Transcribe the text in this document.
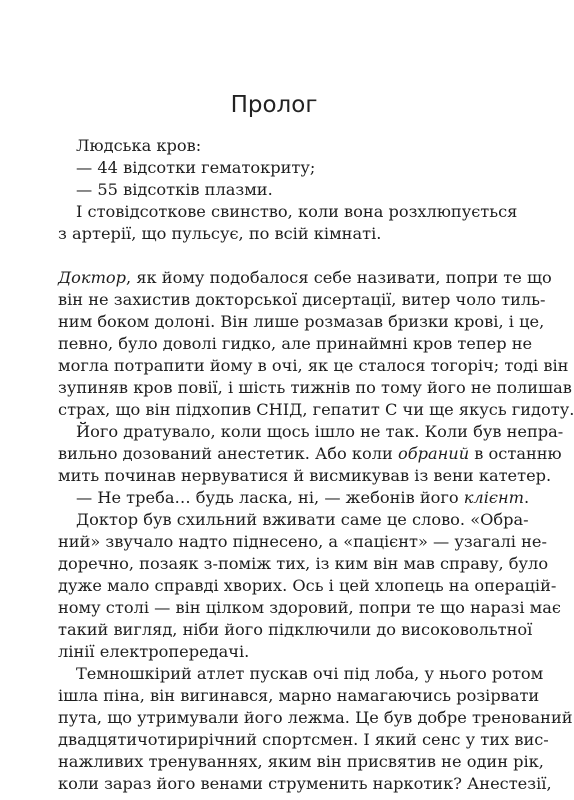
Пролог
Людська кров:
— 44 відсотки гематокриту;
— 55 відсотків плазми.
І стовідсоткове свинство, коли вона розхлюпується
з артерії, що пульсує, по всій кімнаті.
Доктор, як йому подобалося себе називати, попри те що
він не захистив докторської дисертації, витер чоло тиль-
ним боком долоні. Він лише розмазав бризки крові, і це,
певно, було доволі гидко, але принаймні кров тепер не
могла потрапити йому в очі, як це сталося тогоріч; тоді він
зупиняв кров повії, і шість тижнів по тому його не полишав
страх, що він підхопив СНІД, гепатит С чи ще якусь гидоту.
Його дратувало, коли щось ішло не так. Коли був непра-
вильно дозований анестетик. Або коли обраний в останню
мить починав нервуватися й висмикував із вени катетер.
— Не треба… будь ласка, ні, — жебонів його клієнт.
Доктор був схильний вживати саме це слово. «Обра-
ний» звучало надто піднесено, а «пацієнт» — узагалі не-
доречно, позаяк з-поміж тих, із ким він мав справу, було
дуже мало справді хворих. Ось і цей хлопець на операцій-
ному столі — він цілком здоровий, попри те що наразі має
такий вигляд, ніби його підключили до високовольтної
лінії електропередачі.
Темношкірий атлет пускав очі під лоба, у нього ротом
ішла піна, він вигинався, марно намагаючись розірвати
пута, що утримували його лежма. Це був добре тренований
двадцятичотирирічний спортсмен. І який сенс у тих вис-
нажливих тренуваннях, яким він присвятив не один рік,
коли зараз його венами струменить наркотик? Анестезії,
